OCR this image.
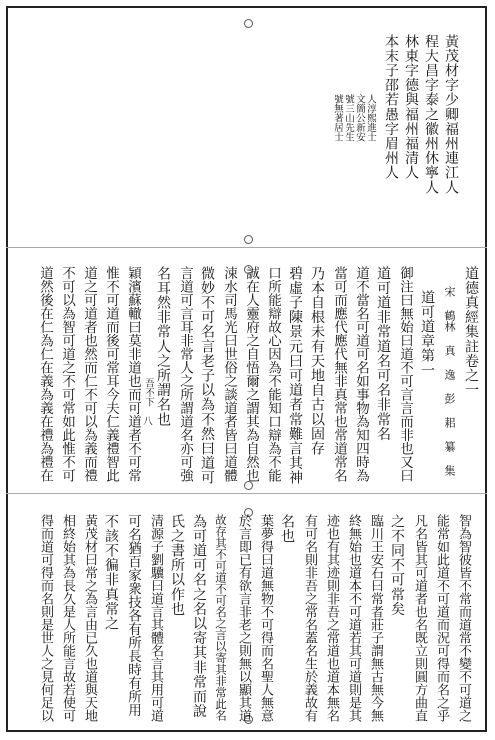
黃茂材字少卿福州連江人
程大昌字泰之徽州休寧人
林東字德與福州福清人
本末子邵若愚字眉州人
人淳熙進士
文簡公新安
號三山先生
號無著居士
道德真經集註卷之一
宋 鶴林 真 逸 彭 耜 纂 集
道可道章第一
御注曰無始曰道不可言言而非也又曰
道可道非常道名可名非常名
道不當名可道可名如事物為知四時為
當可而應代應代無非真常也常道常名
乃本自根未有天地自古以固存
碧虛子陳景元曰可道者常難言其神
口所能辯故心因為不能知口辯為不能
誠在人靈府之自悟爾之謂其為自然也
涑水司馬光曰世俗之談道者皆曰道體
微妙不可名言老子以為不然曰道可
言道可言耳非常人之所謂道名亦可強
名耳然非常人之所謂名也
穎濱蘇轍曰莫非道也而可道者不可常
惟不可道而後可常耳今夫仁義禮智此
道之可道者也然而仁不可以為義而禮
不可以為智可道之不可常如此惟不可
道然後在仁為仁在義為義在禮為禮在	吾不下
八
智為智彼皆不常而道常不變不可道之
能常如此道不可道而況可得而名之乎
凡名皆其可道者也名既立則圓方曲直
之不同不可常矣
臨川王安石曰常者莊子謂無古無今無
終無始也道本不可道若其可道則是其
迹也有其迹則非吾之常道也道本無名
有可名則非吾之常名蓋名生於義故有
名也
葉夢得曰道無物不可得而名聖人無意
於言即已有欲言非老之則無以顯其道
故存其不可道不可名之言以寄其非常此名
為可道可名之名以寄其非常而說
氏之書所以作也
清源子劉驥曰道言其體名言其用可道
可名猶百家衆技各有所長時有所用
不該不徧非真常之
黃茂材曰常之為言由已久也道與天地
相終始其為長久是人所能言故若使可
得而道可得而名則是世人之見何足以
